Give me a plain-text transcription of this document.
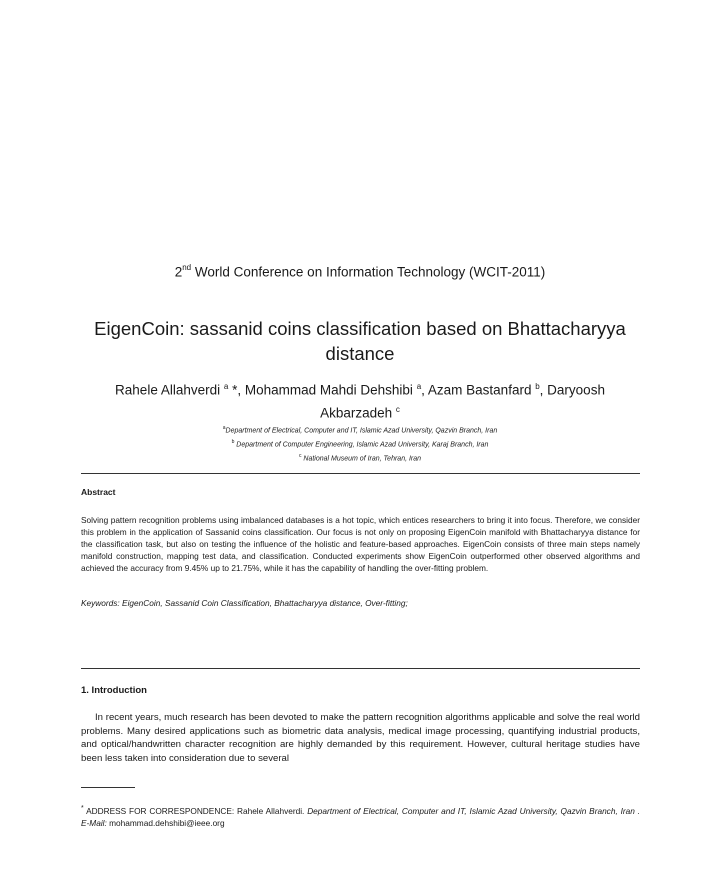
2nd World Conference on Information Technology (WCIT-2011)
EigenCoin: sassanid coins classification based on Bhattacharyya
distance
Rahele Allahverdi $^a$ *, Mohammad Mahdi Dehshibi $^a$, Azam Bastanfard $^b$, Daryoosh
Akbarzadeh $^c$
$^a$Department of Electrical, Computer and IT, Islamic Azad University, Qazvin Branch, Iran
$^b$ Department of Computer Engineering, Islamic Azad University, Karaj Branch, Iran
$^c$ National Museum of Iran, Tehran, Iran
Abstract
Solving pattern recognition problems using imbalanced databases is a hot topic, which entices researchers to bring it into focus. Therefore, we consider this problem in the application of Sassanid coins classification. Our focus is not only on proposing EigenCoin manifold with Bhattacharyya distance for the classification task, but also on testing the influence of the holistic and feature-based approaches. EigenCoin consists of three main steps namely manifold construction, mapping test data, and classification. Conducted experiments show EigenCoin outperformed other observed algorithms and achieved the accuracy from 9.45% up to 21.75%, while it has the capability of handling the over-fitting problem.
Keywords: EigenCoin, Sassanid Coin Classification, Bhattacharyya distance, Over-fitting;
1. Introduction
In recent years, much research has been devoted to make the pattern recognition algorithms applicable and solve the real world problems. Many desired applications such as biometric data analysis, medical image processing, quantifying industrial products, and optical/handwritten character recognition are highly demanded by this requirement. However, cultural heritage studies have been less taken into consideration due to several
* ADDRESS FOR CORRESPONDENCE: Rahele Allahverdi. Department of Electrical, Computer and IT, Islamic Azad University, Qazvin Branch, Iran . E-Mail: mohammad.dehshibi@ieee.org
